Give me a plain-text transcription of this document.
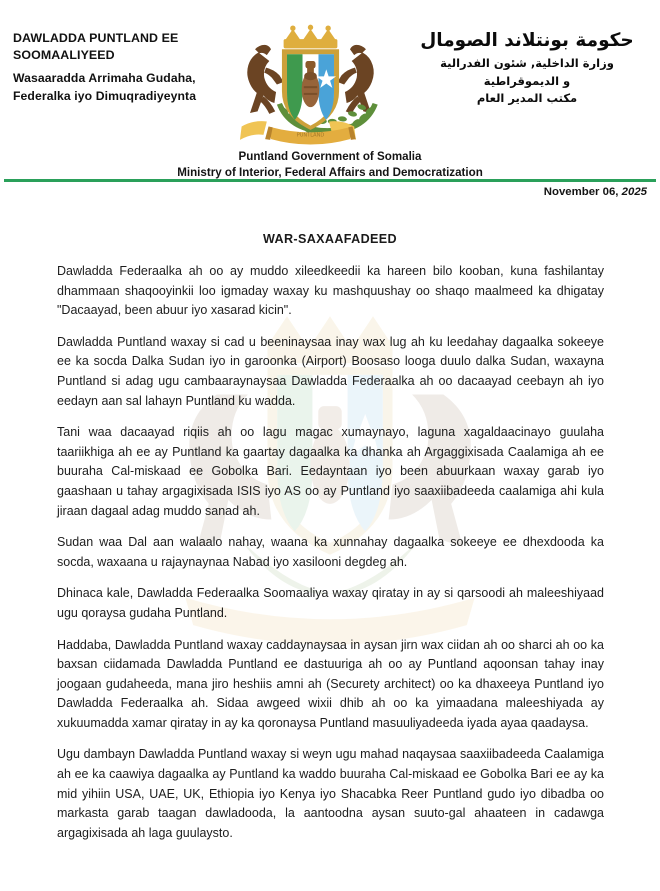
DAWLADDA PUNTLAND EE
SOOMAALIYEED
Wasaaradda Arrimaha Gudaha,
Federalka iyo Dimuqradiyeynta
PUNTLAND
حكومة بونتلاند الصومال
وزارة الداخلية, شئون الفدرالية
و الديموقراطية
مكتب المدير العام
Puntland Government of Somalia
Ministry of Interior, Federal Affairs and Democratization
November 06, 2025
WAR-SAXAAFADEED

Dawladda Federaalka ah oo ay muddo xileedkeedii ka hareen bilo kooban, kuna fashilantay dhammaan shaqooyinkii loo igmaday waxay ku mashquushay oo shaqo maalmeed ka dhigatay "Dacaayad, been abuur iyo xasarad kicin".

Dawladda Puntland waxay si cad u beeninaysaa inay wax lug ah ku leedahay dagaalka sokeeye ee ka socda Dalka Sudan iyo in garoonka (Airport) Boosaso looga duulo dalka Sudan, waxayna Puntland si adag ugu cambaaraynaysaa Dawladda Federaalka ah oo dacaayad ceebayn ah iyo eedayn aan sal lahayn Puntland ku wadda.

Tani waa dacaayad riqiis ah oo lagu magac xumaynayo, laguna xagaldaacinayo guulaha taariikhiga ah ee ay Puntland ka gaartay dagaalka ka dhanka ah Argaggixisada Caalamiga ah ee buuraha Cal-miskaad ee Gobolka Bari. Eedayntaan iyo been abuurkaan waxay garab iyo gaashaan u tahay argagixisada ISIS iyo AS oo ay Puntland iyo saaxiibadeeda caalamiga ahi kula jiraan dagaal adag muddo sanad ah.

Sudan waa Dal aan walaalo nahay, waana ka xunnahay dagaalka sokeeye ee dhexdooda ka socda, waxaana u rajaynaynaa Nabad iyo xasilooni degdeg ah.

Dhinaca kale, Dawladda Federaalka Soomaaliya waxay qiratay in ay si qarsoodi ah maleeshiyaad ugu qoraysa gudaha Puntland.

Haddaba, Dawladda Puntland waxay caddaynaysaa in aysan jirn wax ciidan ah oo sharci ah oo ka baxsan ciidamada Dawladda Puntland ee dastuuriga ah oo ay Puntland aqoonsan tahay inay joogaan gudaheeda, mana jiro heshiis amni ah (Securety architect) oo ka dhaxeeya Puntland iyo Dawladda Federaalka ah. Sidaa awgeed wixii dhib ah oo ka yimaadana maleeshiyada ay xukuumadda xamar qiratay in ay ka qoronaysa Puntland masuuliyadeeda iyada ayaa qaadaysa.

Ugu dambayn Dawladda Puntland waxay si weyn ugu mahad naqaysaa saaxiibadeeda Caalamiga ah ee ka caawiya dagaalka ay Puntland ka waddo buuraha Cal-miskaad ee Gobolka Bari ee ay ka mid yihiin USA, UAE, UK, Ethiopia iyo Kenya iyo Shacabka Reer Puntland gudo iyo dibadba oo markasta garab taagan dawladooda, la aantoodna aysan suuto-gal ahaateen in cadawga argagixisada ah laga guulaysto.
